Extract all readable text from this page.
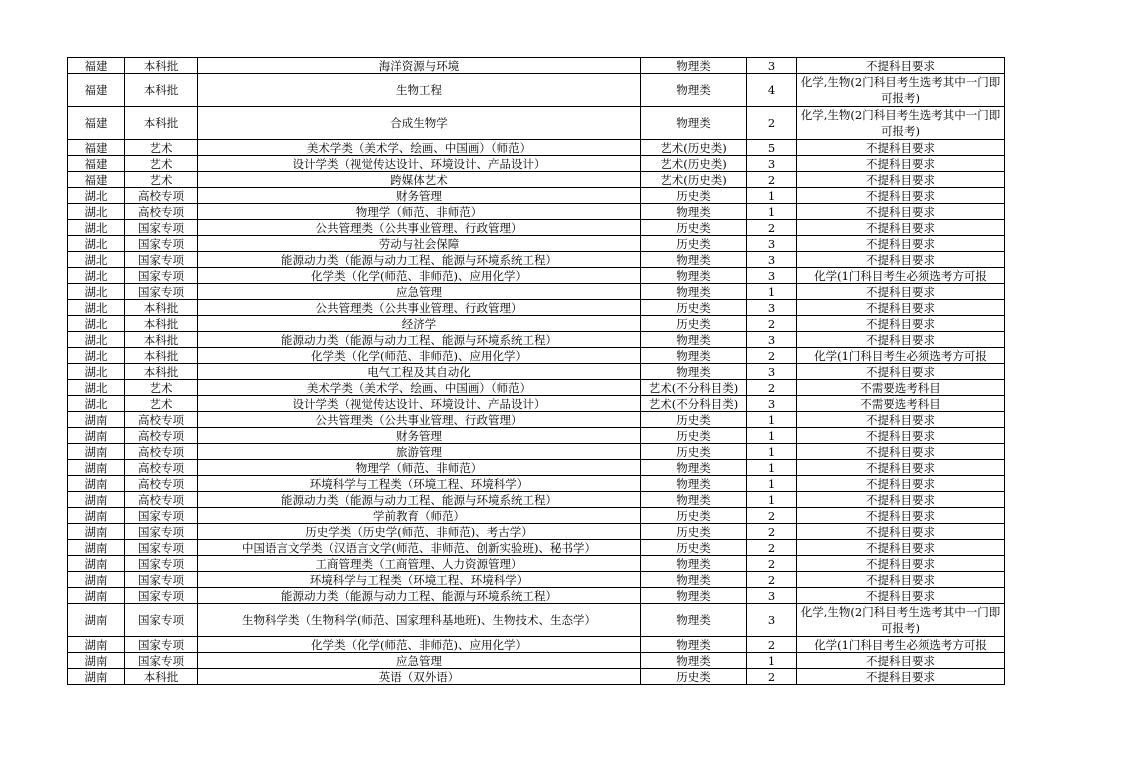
福建	本科批	海洋资源与环境	物理类	3	不提科目要求
福建	本科批	生物工程	物理类	4	化学,生物(2门科目考生选考其中一门即可报考)
福建	本科批	合成生物学	物理类	2	化学,生物(2门科目考生选考其中一门即可报考)
福建	艺术	美术学类（美术学、绘画、中国画）（师范）	艺术(历史类)	5	不提科目要求
福建	艺术	设计学类（视觉传达设计、环境设计、产品设计）	艺术(历史类)	3	不提科目要求
福建	艺术	跨媒体艺术	艺术(历史类)	2	不提科目要求
湖北	高校专项	财务管理	历史类	1	不提科目要求
湖北	高校专项	物理学（师范、非师范）	物理类	1	不提科目要求
湖北	国家专项	公共管理类（公共事业管理、行政管理）	历史类	2	不提科目要求
湖北	国家专项	劳动与社会保障	历史类	3	不提科目要求
湖北	国家专项	能源动力类（能源与动力工程、能源与环境系统工程）	物理类	3	不提科目要求
湖北	国家专项	化学类（化学(师范、非师范)、应用化学）	物理类	3	化学(1门科目考生必须选考方可报
湖北	国家专项	应急管理	物理类	1	不提科目要求
湖北	本科批	公共管理类（公共事业管理、行政管理）	历史类	3	不提科目要求
湖北	本科批	经济学	历史类	2	不提科目要求
湖北	本科批	能源动力类（能源与动力工程、能源与环境系统工程）	物理类	3	不提科目要求
湖北	本科批	化学类（化学(师范、非师范)、应用化学）	物理类	2	化学(1门科目考生必须选考方可报
湖北	本科批	电气工程及其自动化	物理类	3	不提科目要求
湖北	艺术	美术学类（美术学、绘画、中国画）（师范）	艺术(不分科目类)	2	不需要选考科目
湖北	艺术	设计学类（视觉传达设计、环境设计、产品设计）	艺术(不分科目类)	3	不需要选考科目
湖南	高校专项	公共管理类（公共事业管理、行政管理）	历史类	1	不提科目要求
湖南	高校专项	财务管理	历史类	1	不提科目要求
湖南	高校专项	旅游管理	历史类	1	不提科目要求
湖南	高校专项	物理学（师范、非师范）	物理类	1	不提科目要求
湖南	高校专项	环境科学与工程类（环境工程、环境科学）	物理类	1	不提科目要求
湖南	高校专项	能源动力类（能源与动力工程、能源与环境系统工程）	物理类	1	不提科目要求
湖南	国家专项	学前教育（师范）	历史类	2	不提科目要求
湖南	国家专项	历史学类（历史学(师范、非师范)、考古学）	历史类	2	不提科目要求
湖南	国家专项	中国语言文学类（汉语言文学(师范、非师范、创新实验班)、秘书学）	历史类	2	不提科目要求
湖南	国家专项	工商管理类（工商管理、人力资源管理）	物理类	2	不提科目要求
湖南	国家专项	环境科学与工程类（环境工程、环境科学）	物理类	2	不提科目要求
湖南	国家专项	能源动力类（能源与动力工程、能源与环境系统工程）	物理类	3	不提科目要求
湖南	国家专项	生物科学类（生物科学(师范、国家理科基地班)、生物技术、生态学）	物理类	3	化学,生物(2门科目考生选考其中一门即可报考)
湖南	国家专项	化学类（化学(师范、非师范)、应用化学）	物理类	2	化学(1门科目考生必须选考方可报
湖南	国家专项	应急管理	物理类	1	不提科目要求
湖南	本科批	英语（双外语）	历史类	2	不提科目要求
